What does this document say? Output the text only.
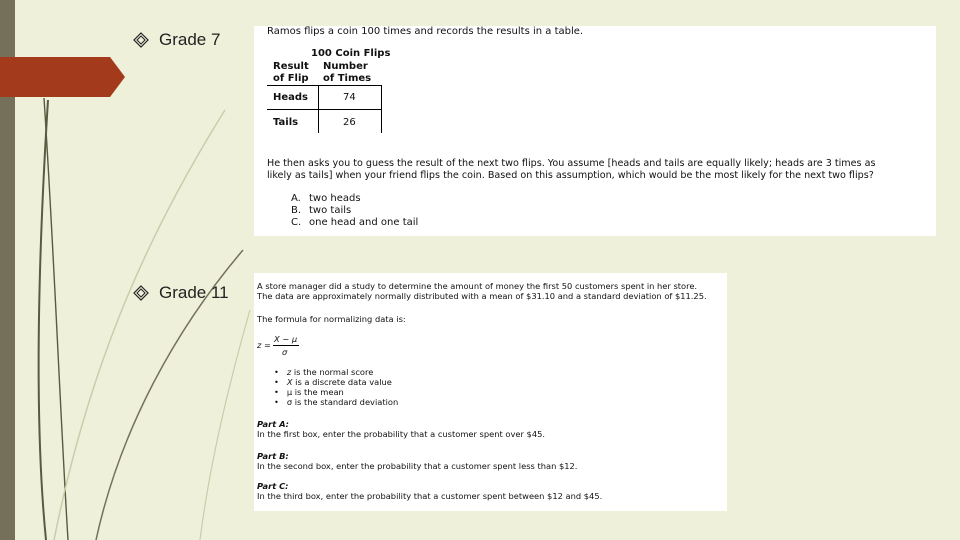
Grade 7
Grade 11
Ramos flips a coin 100 times and records the results in a table.
100 Coin Flips
Result
of Flip
Number
of Times
Heads	74
Tails	26
He then asks you to guess the result of the next two flips. You assume [heads and tails are equally likely; heads are 3 times as
likely as tails] when your friend flips the coin. Based on this assumption, which would be the most likely for the next two flips?
A. two heads
B. two tails
C. one head and one tail
A store manager did a study to determine the amount of money the first 50 customers spent in her store.
The data are approximately normally distributed with a mean of $31.10 and a standard deviation of $11.25.
The formula for normalizing data is:
z =
X − μ
σ
•   z is the normal score
•   X is a discrete data value
•   μ is the mean
•   σ is the standard deviation
Part A:
In the first box, enter the probability that a customer spent over $45.
Part B:
In the second box, enter the probability that a customer spent less than $12.
Part C:
In the third box, enter the probability that a customer spent between $12 and $45.
